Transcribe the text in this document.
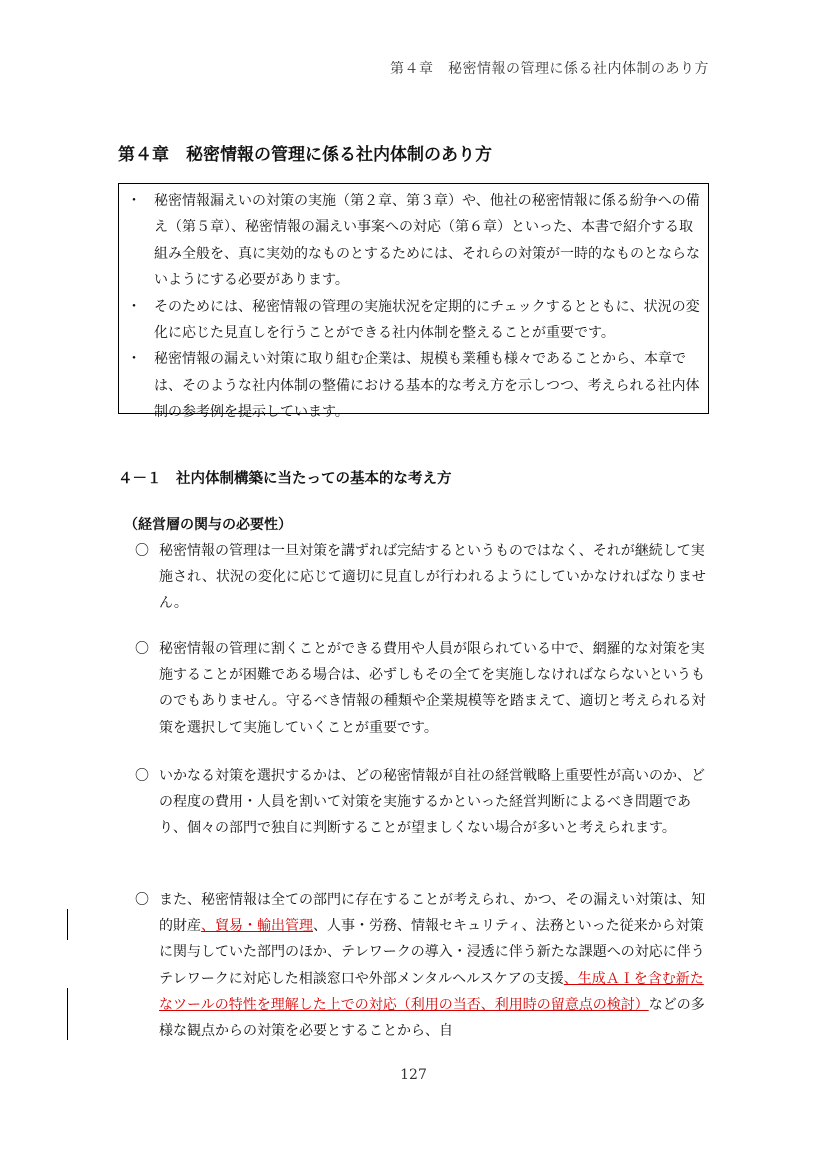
第４章　秘密情報の管理に係る社内体制のあり方
第４章　秘密情報の管理に係る社内体制のあり方
・ 秘密情報漏えいの対策の実施（第２章、第３章）や、他社の秘密情報に係る紛争への備え（第５章）、秘密情報の漏えい事案への対応（第６章）といった、本書で紹介する取組み全般を、真に実効的なものとするためには、それらの対策が一時的なものとならないようにする必要があります。
・ そのためには、秘密情報の管理の実施状況を定期的にチェックするとともに、状況の変化に応じた見直しを行うことができる社内体制を整えることが重要です。
・ 秘密情報の漏えい対策に取り組む企業は、規模も業種も様々であることから、本章では、そのような社内体制の整備における基本的な考え方を示しつつ、考えられる社内体制の参考例を提示しています。
４－１　社内体制構築に当たっての基本的な考え方
（経営層の関与の必要性）
〇 秘密情報の管理は一旦対策を講ずれば完結するというものではなく、それが継続して実施され、状況の変化に応じて適切に見直しが行われるようにしていかなければなりません。
〇 秘密情報の管理に割くことができる費用や人員が限られている中で、網羅的な対策を実施することが困難である場合は、必ずしもその全てを実施しなければならないというものでもありません。守るべき情報の種類や企業規模等を踏まえて、適切と考えられる対策を選択して実施していくことが重要です。
〇 いかなる対策を選択するかは、どの秘密情報が自社の経営戦略上重要性が高いのか、どの程度の費用・人員を割いて対策を実施するかといった経営判断によるべき問題であり、個々の部門で独自に判断することが望ましくない場合が多いと考えられます。
〇 また、秘密情報は全ての部門に存在することが考えられ、かつ、その漏えい対策は、知的財産、貿易・輸出管理、人事・労務、情報セキュリティ、法務といった従来から対策に関与していた部門のほか、テレワークの導入・浸透に伴う新たな課題への対応に伴うテレワークに対応した相談窓口や外部メンタルヘルスケアの支援、生成ＡＩを含む新たなツールの特性を理解した上での対応（利用の当否、利用時の留意点の検討）などの多様な観点からの対策を必要とすることから、自
127
